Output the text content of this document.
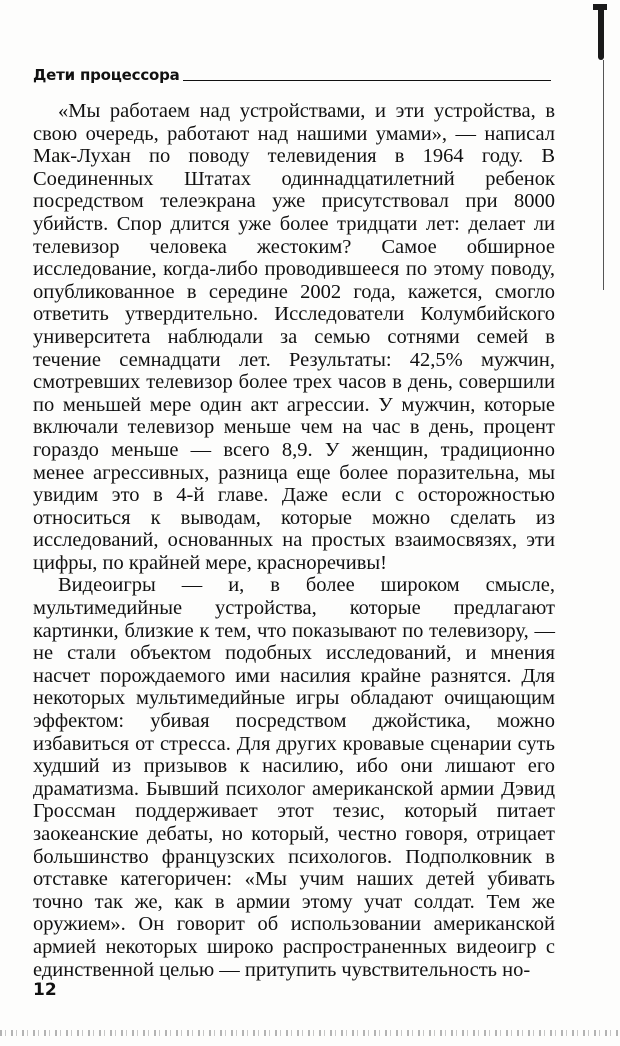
Дети процессора

«Мы работаем над устройствами, и эти устройства, в свою очередь, работают над нашими умами», — написал Мак-Лухан по поводу телевидения в 1964 году. В Соединенных Штатах одиннадцатилетний ребенок посредством телеэкрана уже присутствовал при 8000 убийств. Спор длится уже более тридцати лет: делает ли телевизор человека жестоким? Самое обширное исследование, когда-либо проводившееся по этому поводу, опубликованное в середине 2002 года, кажется, смогло ответить утвердительно. Исследователи Колумбийского университета наблюдали за семью сотнями семей в течение семнадцати лет. Результаты: 42,5% мужчин, смотревших телевизор более трех часов в день, совершили по меньшей мере один акт агрессии. У мужчин, которые включали телевизор меньше чем на час в день, процент гораздо меньше — всего 8,9. У женщин, традиционно менее агрессивных, разница еще более поразительна, мы увидим это в 4-й главе. Даже если с осторожностью относиться к выводам, которые можно сделать из исследований, основанных на простых взаимосвязях, эти цифры, по крайней мере, красноречивы!

Видеоигры — и, в более широком смысле, мультимедийные устройства, которые предлагают картинки, близкие к тем, что показывают по телевизору, — не стали объектом подобных исследований, и мнения насчет порождаемого ими насилия крайне разнятся. Для некоторых мультимедийные игры обладают очищающим эффектом: убивая посредством джойстика, можно избавиться от стресса. Для других кровавые сценарии суть худший из призывов к насилию, ибо они лишают его драматизма. Бывший психолог американской армии Дэвид Гроссман поддерживает этот тезис, который питает заокеанские дебаты, но который, честно говоря, отрицает большинство французских психологов. Подполковник в отставке категоричен: «Мы учим наших детей убивать точно так же, как в армии этому учат солдат. Тем же оружием». Он говорит об использовании американской армией некоторых широко распространенных видеоигр с единственной целью — притупить чувствительность но-

12
